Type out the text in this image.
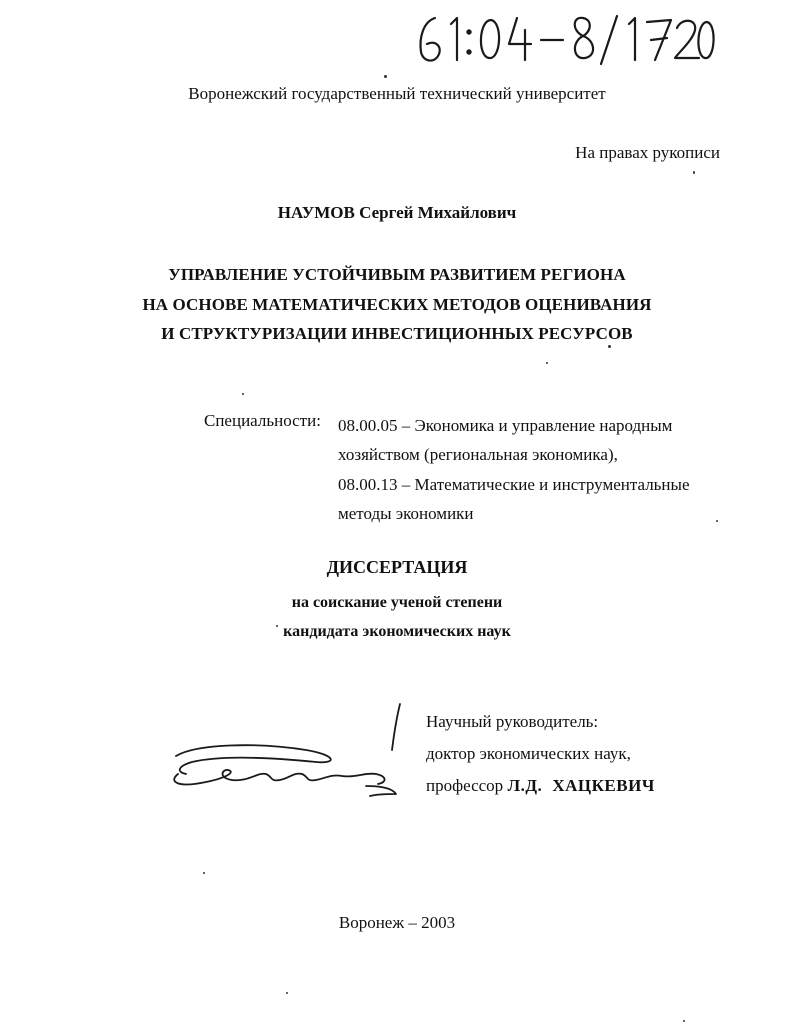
Воронежский государственный технический университет
На правах рукописи
НАУМОВ Сергей Михайлович
УПРАВЛЕНИЕ УСТОЙЧИВЫМ РАЗВИТИЕМ РЕГИОНА
НА ОСНОВЕ МАТЕМАТИЧЕСКИХ МЕТОДОВ ОЦЕНИВАНИЯ
И СТРУКТУРИЗАЦИИ ИНВЕСТИЦИОННЫХ РЕСУРСОВ
Специальности: 08.00.05 – Экономика и управление народным
хозяйством (региональная экономика),
08.00.13 – Математические и инструментальные
методы экономики
ДИССЕРТАЦИЯ
на соискание ученой степени
кандидата экономических наук
Научный руководитель:
доктор экономических наук,
профессор Л.Д. ХАЦКЕВИЧ
Воронеж – 2003
